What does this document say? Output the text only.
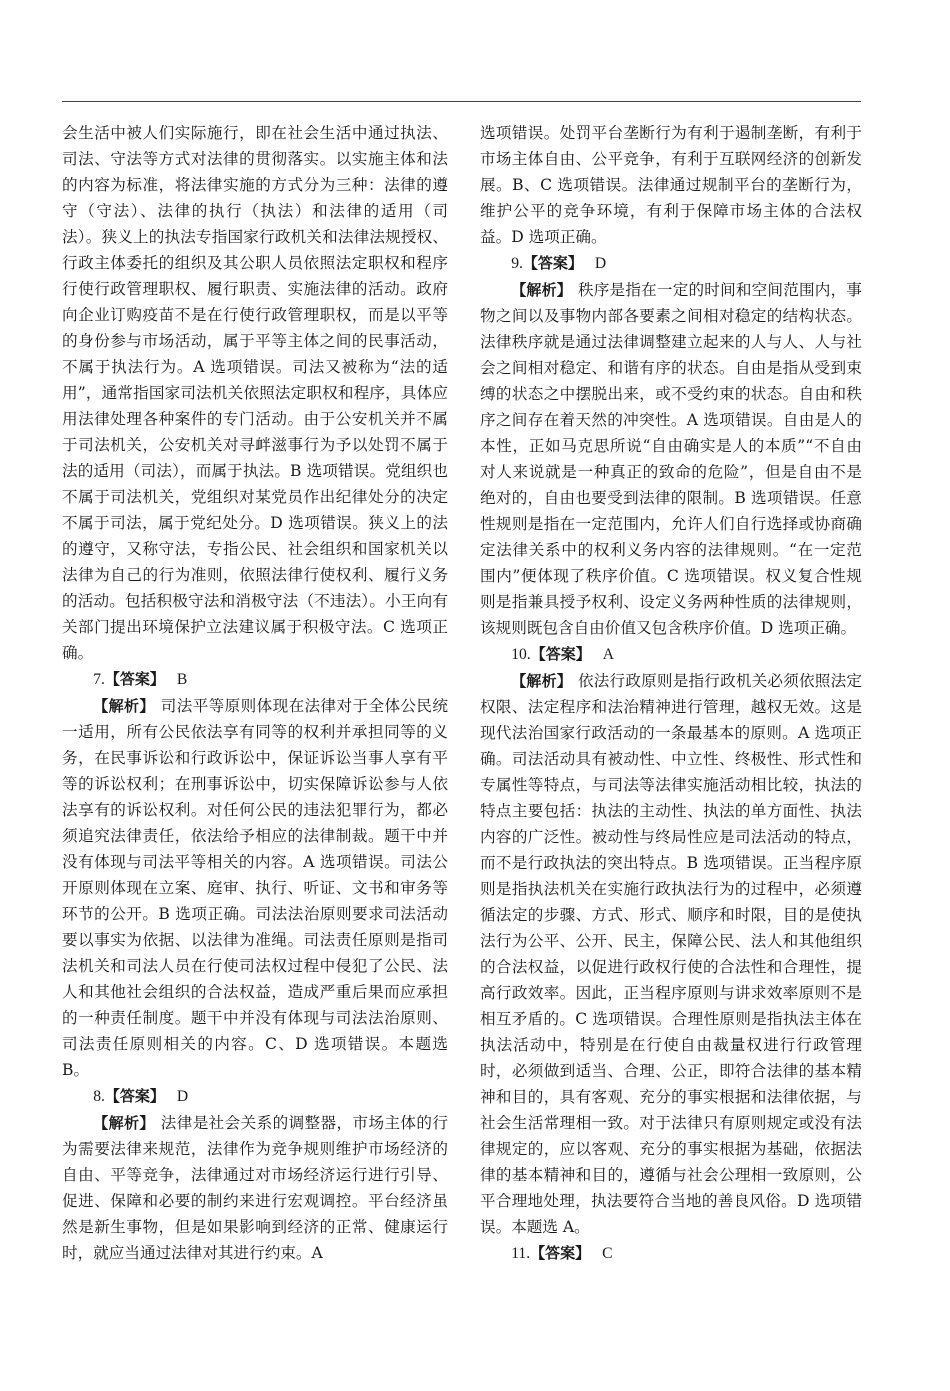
会生活中被人们实际施行，即在社会生活中通过执法、司法、守法等方式对法律的贯彻落实。以实施主体和法的内容为标准，将法律实施的方式分为三种：法律的遵守（守法）、法律的执行（执法）和法律的适用（司法）。狭义上的执法专指国家行政机关和法律法规授权、行政主体委托的组织及其公职人员依照法定职权和程序行使行政管理职权、履行职责、实施法律的活动。政府向企业订购疫苗不是在行使行政管理职权，而是以平等的身份参与市场活动，属于平等主体之间的民事活动，不属于执法行为。A 选项错误。司法又被称为“法的适用”，通常指国家司法机关依照法定职权和程序，具体应用法律处理各种案件的专门活动。由于公安机关并不属于司法机关，公安机关对寻衅滋事行为予以处罚不属于法的适用（司法），而属于执法。B 选项错误。党组织也不属于司法机关，党组织对某党员作出纪律处分的决定不属于司法，属于党纪处分。D 选项错误。狭义上的法的遵守，又称守法，专指公民、社会组织和国家机关以法律为自己的行为准则，依照法律行使权利、履行义务的活动。包括积极守法和消极守法（不违法）。小王向有关部门提出环境保护立法建议属于积极守法。C 选项正确。

7.【答案】 B

【解析】 司法平等原则体现在法律对于全体公民统一适用，所有公民依法享有同等的权利并承担同等的义务，在民事诉讼和行政诉讼中，保证诉讼当事人享有平等的诉讼权利；在刑事诉讼中，切实保障诉讼参与人依法享有的诉讼权利。对任何公民的违法犯罪行为，都必须追究法律责任，依法给予相应的法律制裁。题干中并没有体现与司法平等相关的内容。A 选项错误。司法公开原则体现在立案、庭审、执行、听证、文书和审务等环节的公开。B 选项正确。司法法治原则要求司法活动要以事实为依据、以法律为准绳。司法责任原则是指司法机关和司法人员在行使司法权过程中侵犯了公民、法人和其他社会组织的合法权益，造成严重后果而应承担的一种责任制度。题干中并没有体现与司法法治原则、司法责任原则相关的内容。C、D 选项错误。本题选 B。

8.【答案】 D

【解析】 法律是社会关系的调整器，市场主体的行为需要法律来规范，法律作为竞争规则维护市场经济的自由、平等竞争，法律通过对市场经济运行进行引导、促进、保障和必要的制约来进行宏观调控。平台经济虽然是新生事物，但是如果影响到经济的正常、健康运行时，就应当通过法律对其进行约束。A

选项错误。处罚平台垄断行为有利于遏制垄断，有利于市场主体自由、公平竞争，有利于互联网经济的创新发展。B、C 选项错误。法律通过规制平台的垄断行为，维护公平的竞争环境，有利于保障市场主体的合法权益。D 选项正确。

9.【答案】 D

【解析】 秩序是指在一定的时间和空间范围内，事物之间以及事物内部各要素之间相对稳定的结构状态。法律秩序就是通过法律调整建立起来的人与人、人与社会之间相对稳定、和谐有序的状态。自由是指从受到束缚的状态之中摆脱出来，或不受约束的状态。自由和秩序之间存在着天然的冲突性。A 选项错误。自由是人的本性，正如马克思所说“自由确实是人的本质”“不自由对人来说就是一种真正的致命的危险”，但是自由不是绝对的，自由也要受到法律的限制。B 选项错误。任意性规则是指在一定范围内，允许人们自行选择或协商确定法律关系中的权利义务内容的法律规则。“在一定范围内”便体现了秩序价值。C 选项错误。权义复合性规则是指兼具授予权利、设定义务两种性质的法律规则，该规则既包含自由价值又包含秩序价值。D 选项正确。

10.【答案】 A

【解析】 依法行政原则是指行政机关必须依照法定权限、法定程序和法治精神进行管理，越权无效。这是现代法治国家行政活动的一条最基本的原则。A 选项正确。司法活动具有被动性、中立性、终极性、形式性和专属性等特点，与司法等法律实施活动相比较，执法的特点主要包括：执法的主动性、执法的单方面性、执法内容的广泛性。被动性与终局性应是司法活动的特点，而不是行政执法的突出特点。B 选项错误。正当程序原则是指执法机关在实施行政执法行为的过程中，必须遵循法定的步骤、方式、形式、顺序和时限，目的是使执法行为公平、公开、民主，保障公民、法人和其他组织的合法权益，以促进行政权行使的合法性和合理性，提高行政效率。因此，正当程序原则与讲求效率原则不是相互矛盾的。C 选项错误。合理性原则是指执法主体在执法活动中，特别是在行使自由裁量权进行行政管理时，必须做到适当、合理、公正，即符合法律的基本精神和目的，具有客观、充分的事实根据和法律依据，与社会生活常理相一致。对于法律只有原则规定或没有法律规定的，应以客观、充分的事实根据为基础，依据法律的基本精神和目的，遵循与社会公理相一致原则，公平合理地处理，执法要符合当地的善良风俗。D 选项错误。本题选 A。

11.【答案】 C
